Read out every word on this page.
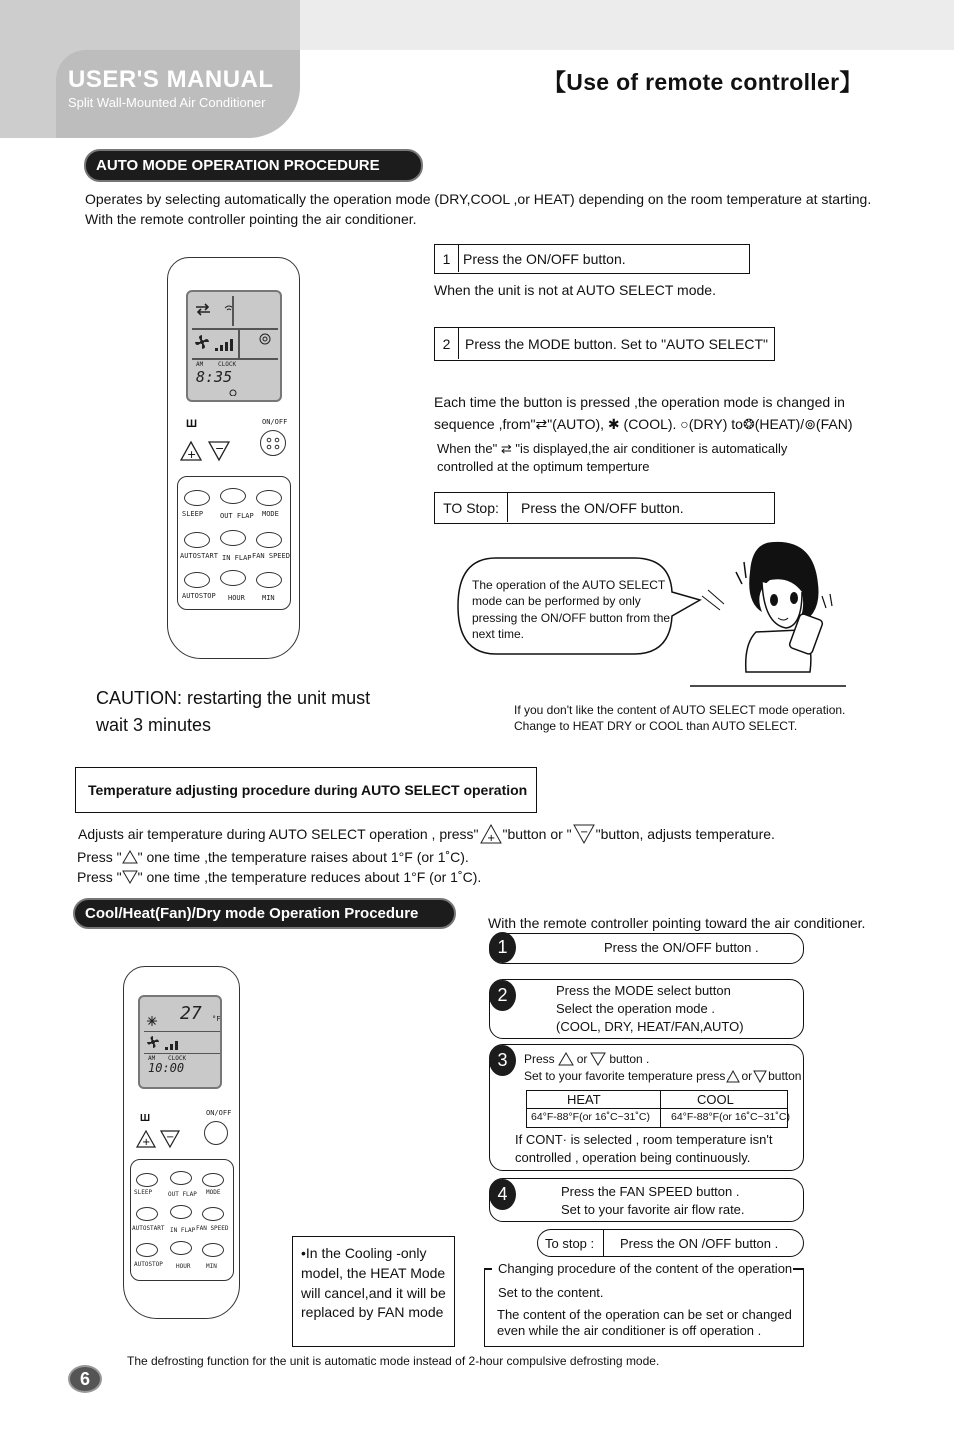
USER'S MANUAL
Split Wall-Mounted Air Conditioner
【Use of remote controller】
AUTO MODE OPERATION PROCEDURE
Operates by selecting automatically the operation mode (DRY,COOL ,or HEAT) depending on the room temperature at starting.
With the remote controller pointing the air conditioner.
AM CLOCK
8:35
Ш	ON/OFF
+ −
SLEEP OUT FLAP MODE
AUTOSTART IN FLAP FAN SPEED
AUTOSTOP HOUR MIN
1 Press the ON/OFF button.
When the unit is not at AUTO SELECT mode.
2	Press the MODE button. Set to "AUTO SELECT"
Each time the button is pressed ,the operation mode is changed in
sequence ,from"⇄"(AUTO), ✱ (COOL). ○(DRY) to❂(HEAT)/⊚(FAN)
When the" ⇄ "is displayed,the air conditioner is automatically
controlled at the optimum temperture
TO Stop:	Press the ON/OFF button.
The operation of the AUTO SELECT
mode can be performed by only
pressing the ON/OFF button from the
next time.
CAUTION: restarting the unit must
wait 3 minutes
If you don't like the content of AUTO SELECT mode operation.
Change to HEAT DRY or COOL than AUTO SELECT.
Temperature adjusting procedure during AUTO SELECT operation
Adjusts air temperature during AUTO SELECT operation , press" + "button or " − "button, adjusts temperature.
Press " " one time ,the temperature raises about 1°F (or 1˚C).
Press " " one time ,the temperature reduces about 1°F (or 1˚C).
Cool/Heat(Fan)/Dry mode Operation Procedure
With the remote controller pointing toward the air conditioner.
27 °F
AM CLOCK
10:00
Ш	ON/OFF
+ −
SLEEP	OUT FLAP MODE
AUTOSTART IN FLAP FAN SPEED
AUTOSTOP HOUR	MIN
1	Press the ON/OFF button .
2	Press the MODE select button
Select the operation mode .
(COOL, DRY, HEAT/FAN,AUTO)
3	Press or button .
Set to your favorite temperature press or button
HEAT	COOL
64°F-88°F(or 16˚C~31˚C) 64°F-88°F(or 16˚C~31˚C)
If CONT· is selected , room temperature isn't
controlled , operation being continuously.
4	Press the FAN SPEED button .
Set to your favorite air flow rate.
To stop : Press the ON /OFF button .
Changing procedure of the content of the operation
Set to the content.
The content of the operation can be set or changed
even while the air conditioner is off operation .
•In the Cooling -only
model, the HEAT Mode
will cancel,and it will be
replaced by FAN mode
6
The defrosting function for the unit is automatic mode instead of 2-hour compulsive defrosting mode.
